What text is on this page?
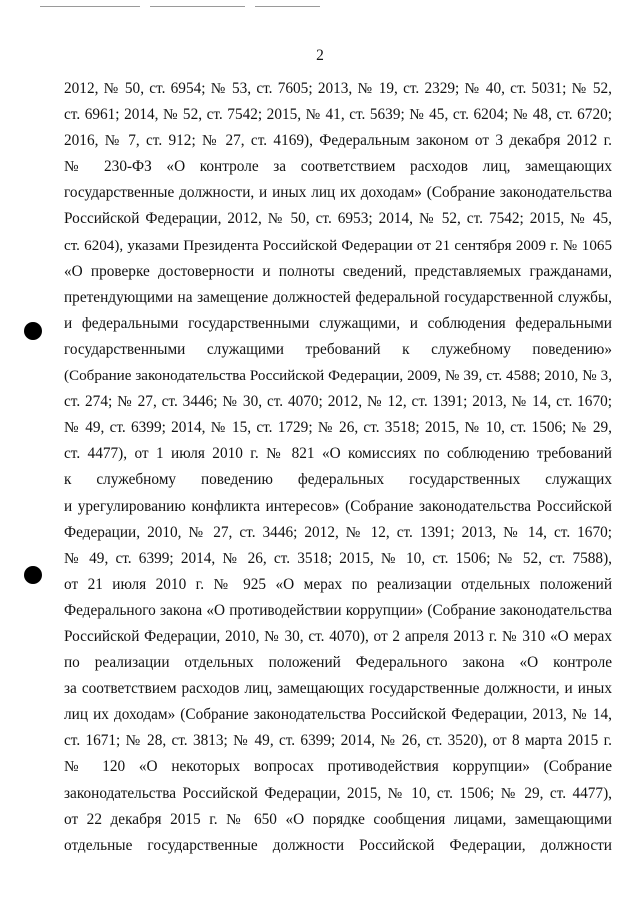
2
2012, № 50, ст. 6954; № 53, ст. 7605; 2013, № 19, ст. 2329; № 40, ст. 5031; № 52,
ст. 6961; 2014, № 52, ст. 7542; 2015, № 41, ст. 5639; № 45, ст. 6204; № 48, ст. 6720;
2016, № 7, ст. 912; № 27, ст. 4169), Федеральным законом от 3 декабря 2012 г.
№ 230-ФЗ «О контроле за соответствием расходов лиц, замещающих
государственные должности, и иных лиц их доходам» (Собрание законодательства
Российской Федерации, 2012, № 50, ст. 6953; 2014, № 52, ст. 7542; 2015, № 45,
ст. 6204), указами Президента Российской Федерации от 21 сентября 2009 г. № 1065
«О проверке достоверности и полноты сведений, представляемых гражданами,
претендующими на замещение должностей федеральной государственной службы,
и федеральными государственными служащими, и соблюдения федеральными
государственными служащими требований к служебному поведению»
(Собрание законодательства Российской Федерации, 2009, № 39, ст. 4588; 2010, № 3,
ст. 274; № 27, ст. 3446; № 30, ст. 4070; 2012, № 12, ст. 1391; 2013, № 14, ст. 1670;
№ 49, ст. 6399; 2014, № 15, ст. 1729; № 26, ст. 3518; 2015, № 10, ст. 1506; № 29,
ст. 4477), от 1 июля 2010 г. № 821 «О комиссиях по соблюдению требований
к служебному поведению федеральных государственных служащих
и урегулированию конфликта интересов» (Собрание законодательства Российской
Федерации, 2010, № 27, ст. 3446; 2012, № 12, ст. 1391; 2013, № 14, ст. 1670;
№ 49, ст. 6399; 2014, № 26, ст. 3518; 2015, № 10, ст. 1506; № 52, ст. 7588),
от 21 июля 2010 г. № 925 «О мерах по реализации отдельных положений
Федерального закона «О противодействии коррупции» (Собрание законодательства
Российской Федерации, 2010, № 30, ст. 4070), от 2 апреля 2013 г. № 310 «О мерах
по реализации отдельных положений Федерального закона «О контроле
за соответствием расходов лиц, замещающих государственные должности, и иных
лиц их доходам» (Собрание законодательства Российской Федерации, 2013, № 14,
ст. 1671; № 28, ст. 3813; № 49, ст. 6399; 2014, № 26, ст. 3520), от 8 марта 2015 г.
№ 120 «О некоторых вопросах противодействия коррупции» (Собрание
законодательства Российской Федерации, 2015, № 10, ст. 1506; № 29, ст. 4477),
от 22 декабря 2015 г. № 650 «О порядке сообщения лицами, замещающими
отдельные государственные должности Российской Федерации, должности
